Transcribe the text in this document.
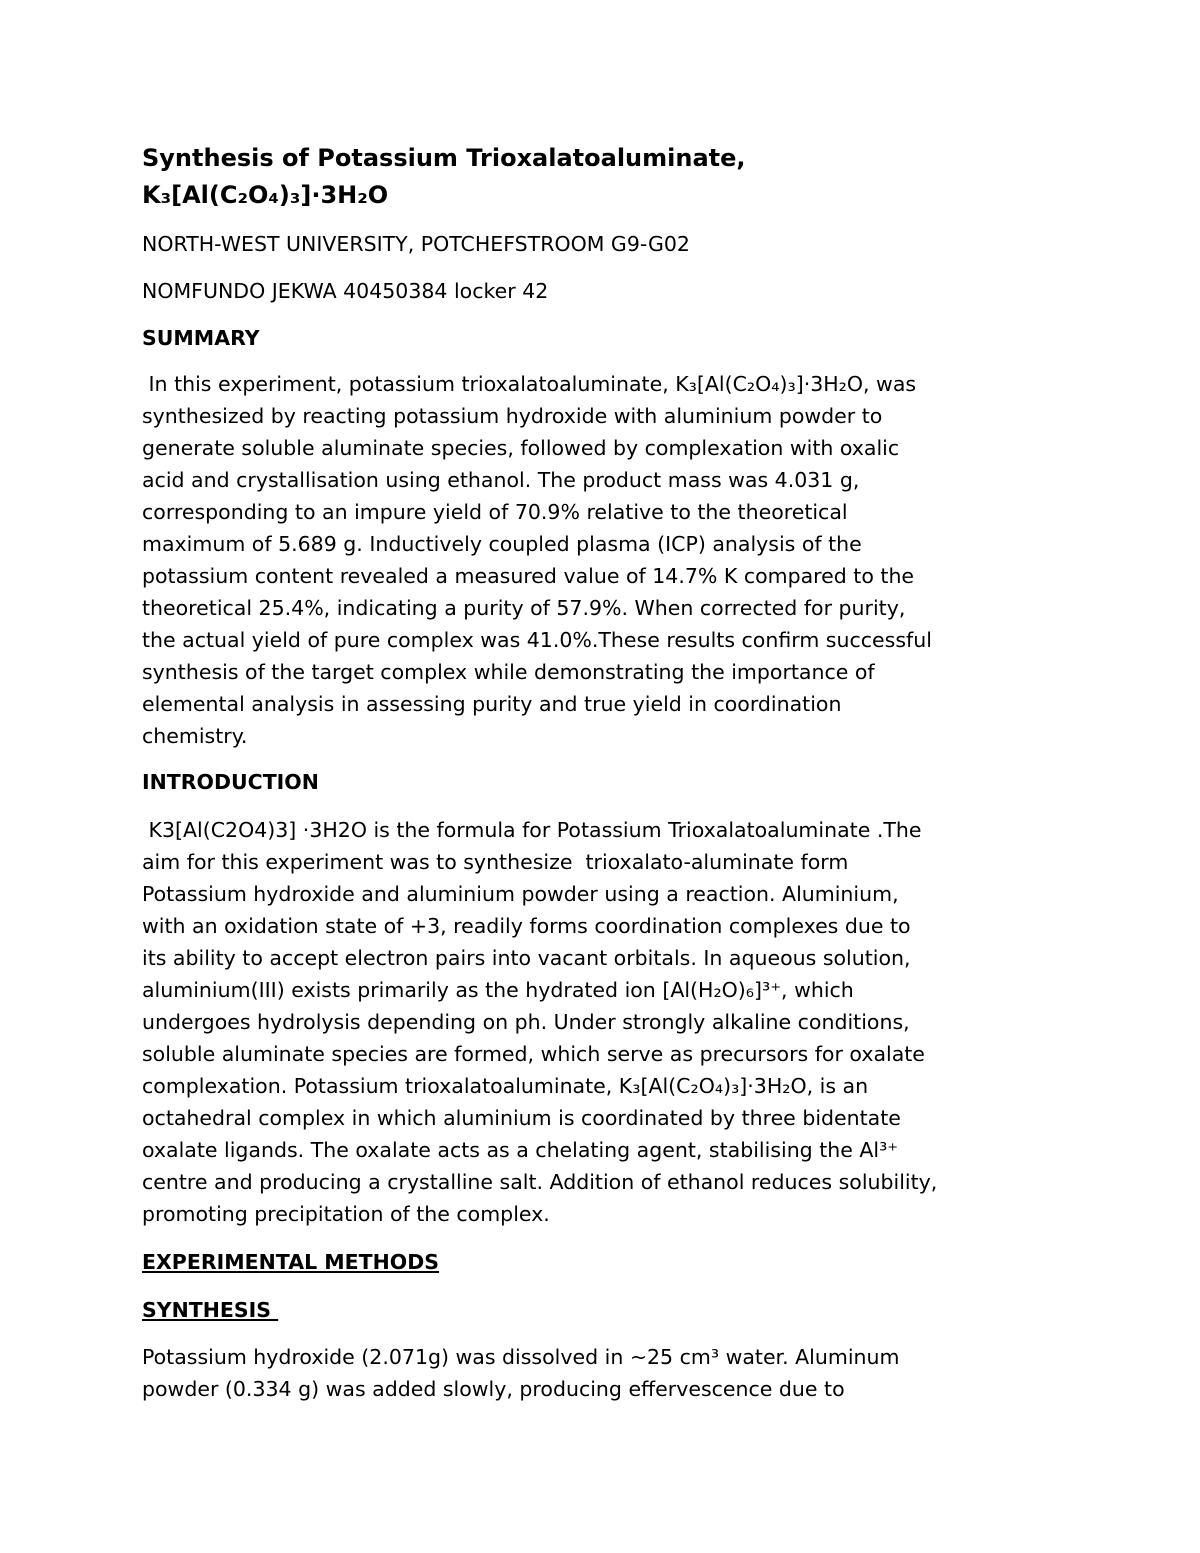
Synthesis of Potassium Trioxalatoaluminate,

K₃[Al(C₂O₄)₃]·3H₂O

NORTH-WEST UNIVERSITY, POTCHEFSTROOM G9-G02

NOMFUNDO JEKWA 40450384 locker 42

SUMMARY

In this experiment, potassium trioxalatoaluminate, K₃[Al(C₂O₄)₃]·3H₂O, was

synthesized by reacting potassium hydroxide with aluminium powder to

generate soluble aluminate species, followed by complexation with oxalic

acid and crystallisation using ethanol. The product mass was 4.031 g,

corresponding to an impure yield of 70.9% relative to the theoretical

maximum of 5.689 g. Inductively coupled plasma (ICP) analysis of the

potassium content revealed a measured value of 14.7% K compared to the

theoretical 25.4%, indicating a purity of 57.9%. When corrected for purity,

the actual yield of pure complex was 41.0%.These results confirm successful

synthesis of the target complex while demonstrating the importance of

elemental analysis in assessing purity and true yield in coordination

chemistry.

INTRODUCTION

K3[Al(C2O4)3] ·3H2O is the formula for Potassium Trioxalatoaluminate .The

aim for this experiment was to synthesize  trioxalato-aluminate form

Potassium hydroxide and aluminium powder using a reaction. Aluminium,

with an oxidation state of +3, readily forms coordination complexes due to

its ability to accept electron pairs into vacant orbitals. In aqueous solution,

aluminium(III) exists primarily as the hydrated ion [Al(H₂O)₆]³⁺, which

undergoes hydrolysis depending on ph. Under strongly alkaline conditions,

soluble aluminate species are formed, which serve as precursors for oxalate

complexation. Potassium trioxalatoaluminate, K₃[Al(C₂O₄)₃]·3H₂O, is an

octahedral complex in which aluminium is coordinated by three bidentate

oxalate ligands. The oxalate acts as a chelating agent, stabilising the Al³⁺

centre and producing a crystalline salt. Addition of ethanol reduces solubility,

promoting precipitation of the complex.

EXPERIMENTAL METHODS

SYNTHESIS

Potassium hydroxide (2.071g) was dissolved in ~25 cm³ water. Aluminum

powder (0.334 g) was added slowly, producing effervescence due to
